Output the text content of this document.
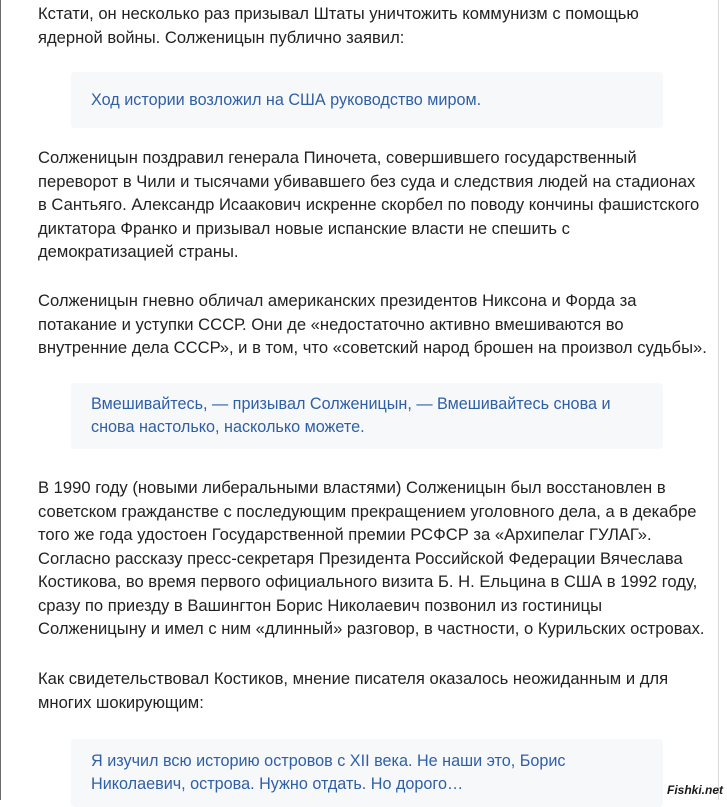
Кстати, он несколько раз призывал Штаты уничтожить коммунизм с помощью ядерной войны. Солженицын публично заявил:

Ход истории возложил на США руководство миром.

Солженицын поздравил генерала Пиночета, совершившего государственный переворот в Чили и тысячами убивавшего без суда и следствия людей на стадионах в Сантьяго. Александр Исаакович искренне скорбел по поводу кончины фашистского диктатора Франко и призывал новые испанские власти не спешить с демократизацией страны.

Солженицын гневно обличал американских президентов Никсона и Форда за потакание и уступки СССР. Они де «недостаточно активно вмешиваются во внутренние дела СССР», и в том, что «советский народ брошен на произвол судьбы».

Вмешивайтесь, — призывал Солженицын, — Вмешивайтесь снова и снова настолько, насколько можете.

В 1990 году (новыми либеральными властями) Солженицын был восстановлен в советском гражданстве с последующим прекращением уголовного дела, а в декабре того же года удостоен Государственной премии РСФСР за «Архипелаг ГУЛАГ». Согласно рассказу пресс-секретаря Президента Российской Федерации Вячеслава Костикова, во время первого официального визита Б. Н. Ельцина в США в 1992 году, сразу по приезду в Вашингтон Борис Николаевич позвонил из гостиницы Солженицыну и имел с ним «длинный» разговор, в частности, о Курильских островах.

Как свидетельствовал Костиков, мнение писателя оказалось неожиданным и для многих шокирующим:

Я изучил всю историю островов с XII века. Не наши это, Борис Николаевич, острова. Нужно отдать. Но дорого…	Fishki.net
